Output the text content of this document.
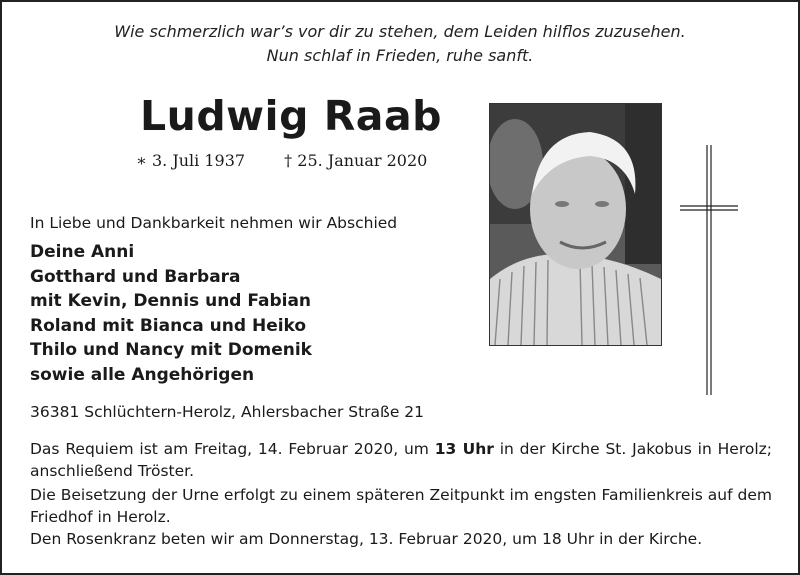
Wie schmerzlich war’s vor dir zu stehen, dem Leiden hilflos zuzusehen.
Nun schlaf in Frieden, ruhe sanft.
Ludwig Raab
∗ 3. Juli 1937 † 25. Januar 2020
In Liebe und Dankbarkeit nehmen wir Abschied
Deine Anni
Gotthard und Barbara
mit Kevin, Dennis und Fabian
Roland mit Bianca und Heiko
Thilo und Nancy mit Domenik
sowie alle Angehörigen
36381 Schlüchtern-Herolz, Ahlersbacher Straße 21

Das Requiem ist am Freitag, 14. Februar 2020, um 13 Uhr in der Kirche St. Jakobus in Herolz; anschließend Tröster.

Die Beisetzung der Urne erfolgt zu einem späteren Zeitpunkt im engsten Familienkreis auf dem Friedhof in Herolz.

Den Rosenkranz beten wir am Donnerstag, 13. Februar 2020, um 18 Uhr in der Kirche.
